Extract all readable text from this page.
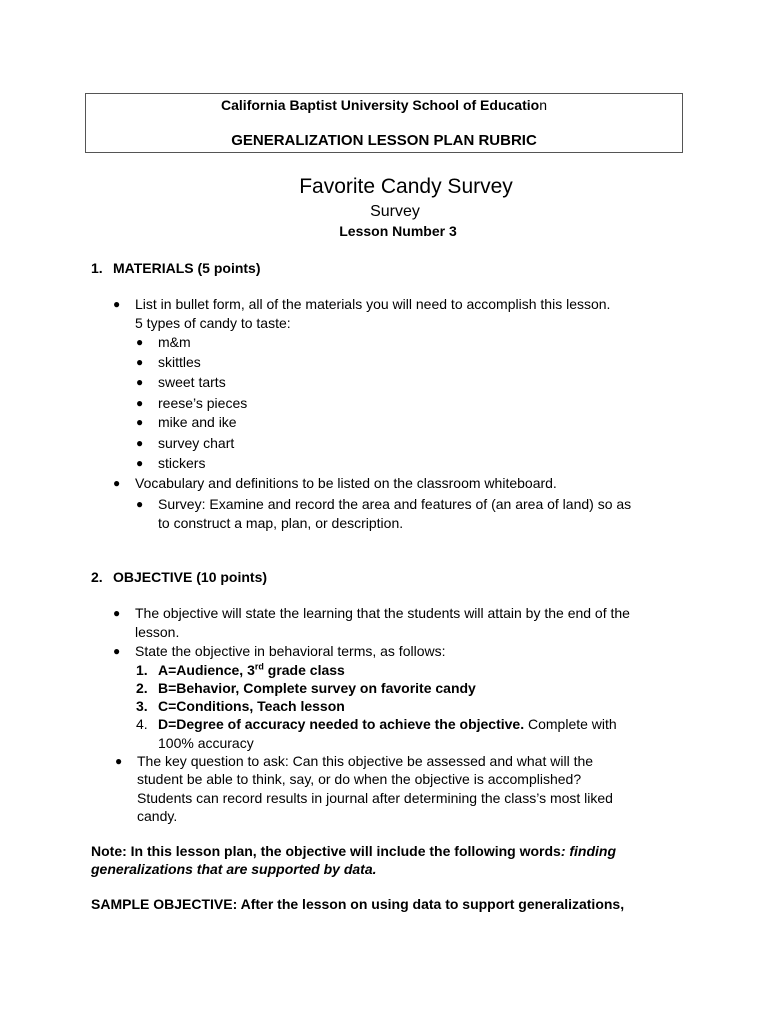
California Baptist University School of Education
GENERALIZATION LESSON PLAN RUBRIC
Favorite Candy Survey
Survey
Lesson Number 3
1. MATERIALS (5 points)
● List in bullet form, all of the materials you will need to accomplish this lesson.
5 types of candy to taste:
● m&m
● skittles
● sweet tarts
● reese’s pieces
● mike and ike
● survey chart
● stickers
● Vocabulary and definitions to be listed on the classroom whiteboard.
● Survey: Examine and record the area and features of (an area of land) so as
to construct a map, plan, or description.
2. OBJECTIVE (10 points)
● The objective will state the learning that the students will attain by the end of the
lesson.
● State the objective in behavioral terms, as follows:
1. A=Audience, 3rd grade class
2. B=Behavior, Complete survey on favorite candy
3. C=Conditions, Teach lesson
4. D=Degree of accuracy needed to achieve the objective. Complete with
100% accuracy
● The key question to ask: Can this objective be assessed and what will the
student be able to think, say, or do when the objective is accomplished?
Students can record results in journal after determining the class’s most liked
candy.
Note: In this lesson plan, the objective will include the following words: finding
generalizations that are supported by data.
SAMPLE OBJECTIVE: After the lesson on using data to support generalizations,
